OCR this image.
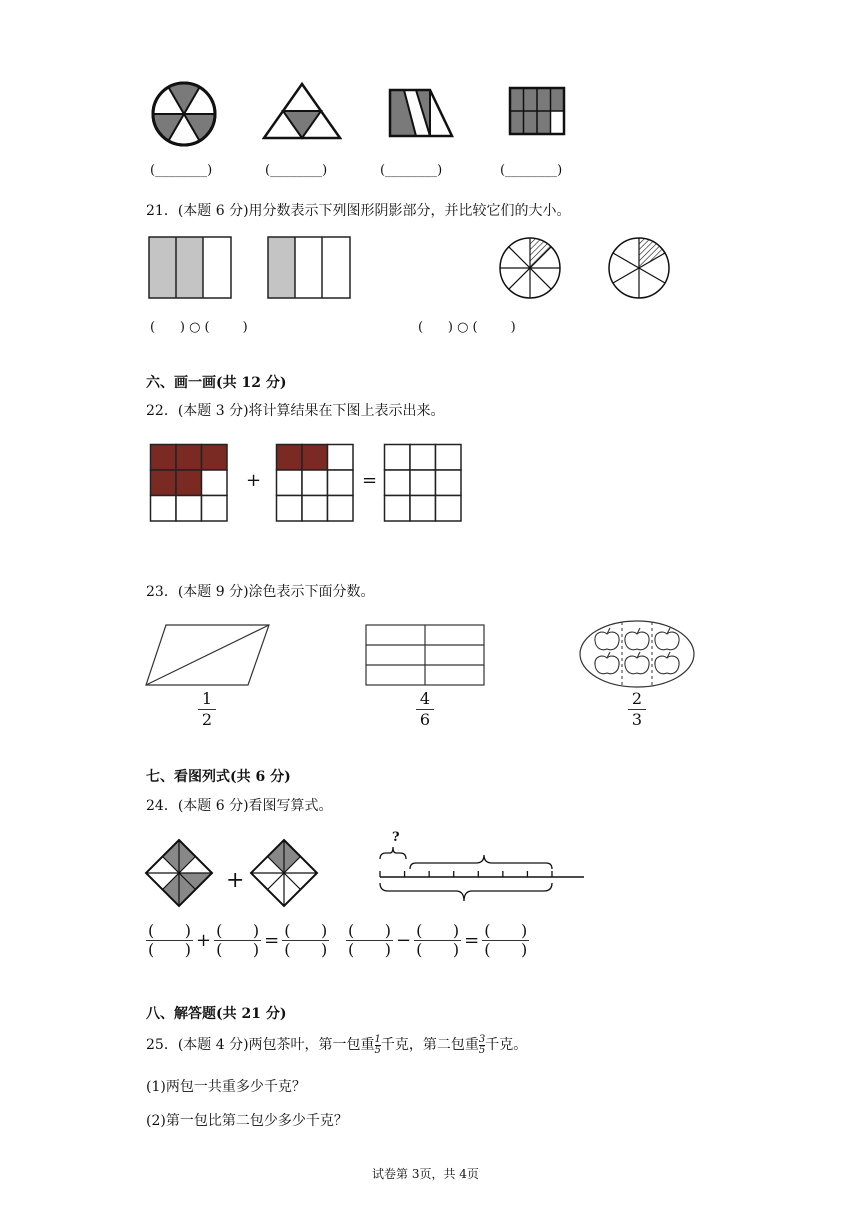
(________)	(________)	(________)	(________)
21．(本题 6 分)用分数表示下列图形阴影部分，并比较它们的大小。
(      ) ○ (        )	(      ) ○ (        )
六、画一画(共 12 分)
22．(本题 3 分)将计算结果在下图上表示出来。
+	=
23．(本题 9 分)涂色表示下面分数。
1
2
4
6
2
3
七、看图列式(共 6 分)
24．(本题 6 分)看图写算式。
+
?
(      )
(      ) + (      )
(      ) = (      )
(      )
(      )
(      ) − (      )
(      ) = (      )
(      )
八、解答题(共 21 分)
25．(本题 4 分)两包茶叶，第一包重 $\frac{1}{5}$ 千克，第二包重 $\frac{3}{5}$ 千克。
(1)两包一共重多少千克？
(2)第一包比第二包少多少千克？
试卷第 3页，共 4页
